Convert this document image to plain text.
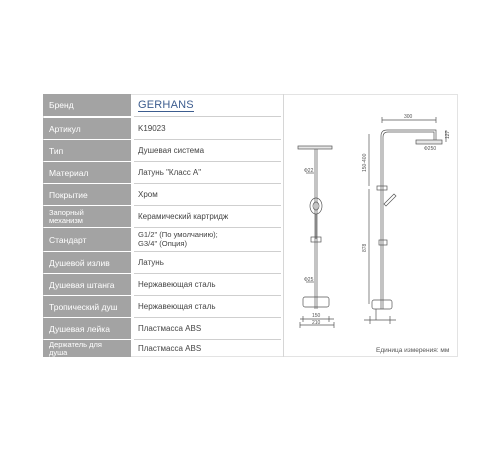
Бренд	GERHANS
Артикул	K19023
Тип	Душевая система
Материал	Латунь "Класс А"
Покрытие	Хром
Запорный
механизм	Керамический картридж
Стандарт	G1/2" (По умолчанию);
G3/4" (Опция)
Душевой излив	Латунь
Душевая штанга	Нержавеющая сталь
Тропический душ	Нержавеющая сталь
Душевая лейка	Пластмасса ABS
Держатель для
душа	Пластмасса ABS
Ф22
Ф25
150
210
300
127
Ф250
150-400
878
Единица измерения: мм
